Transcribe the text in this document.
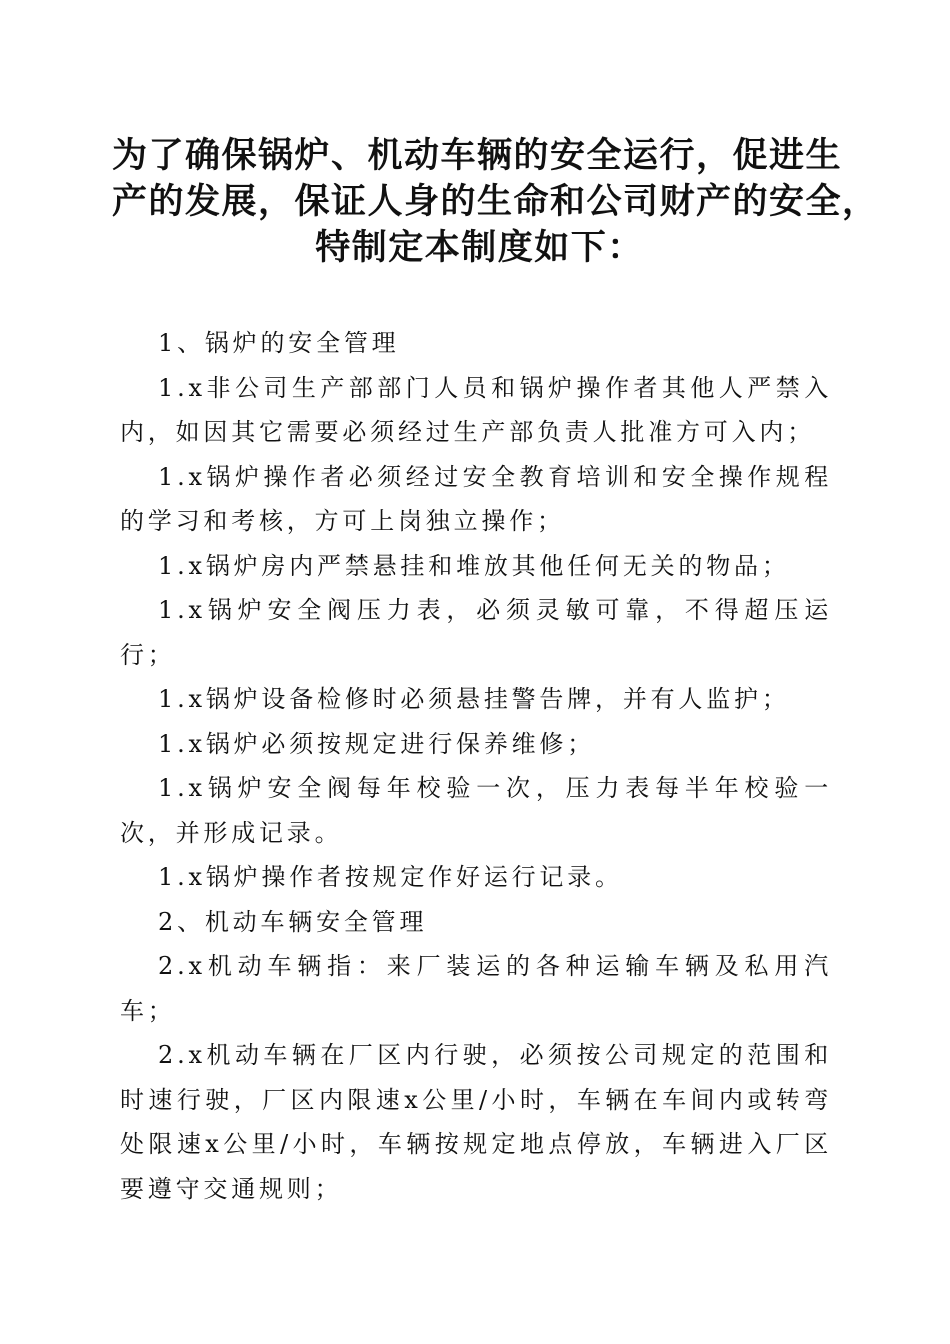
为了确保锅炉、机动车辆的安全运行，促进生
产的发展，保证人身的生命和公司财产的安全，
特制定本制度如下：

1、锅炉的安全管理

1.x非公司生产部部门人员和锅炉操作者其他人严禁入内，如因其它需要必须经过生产部负责人批准方可入内；

1.x锅炉操作者必须经过安全教育培训和安全操作规程的学习和考核，方可上岗独立操作；

1.x锅炉房内严禁悬挂和堆放其他任何无关的物品；

1.x锅炉安全阀压力表，必须灵敏可靠，不得超压运行；

1.x锅炉设备检修时必须悬挂警告牌，并有人监护；

1.x锅炉必须按规定进行保养维修；

1.x锅炉安全阀每年校验一次，压力表每半年校验一次，并形成记录。

1.x锅炉操作者按规定作好运行记录。

2、机动车辆安全管理

2.x机动车辆指：来厂装运的各种运输车辆及私用汽车；

2.x机动车辆在厂区内行驶，必须按公司规定的范围和时速行驶，厂区内限速x公里/小时，车辆在车间内或转弯处限速x公里/小时，车辆按规定地点停放，车辆进入厂区要遵守交通规则；
